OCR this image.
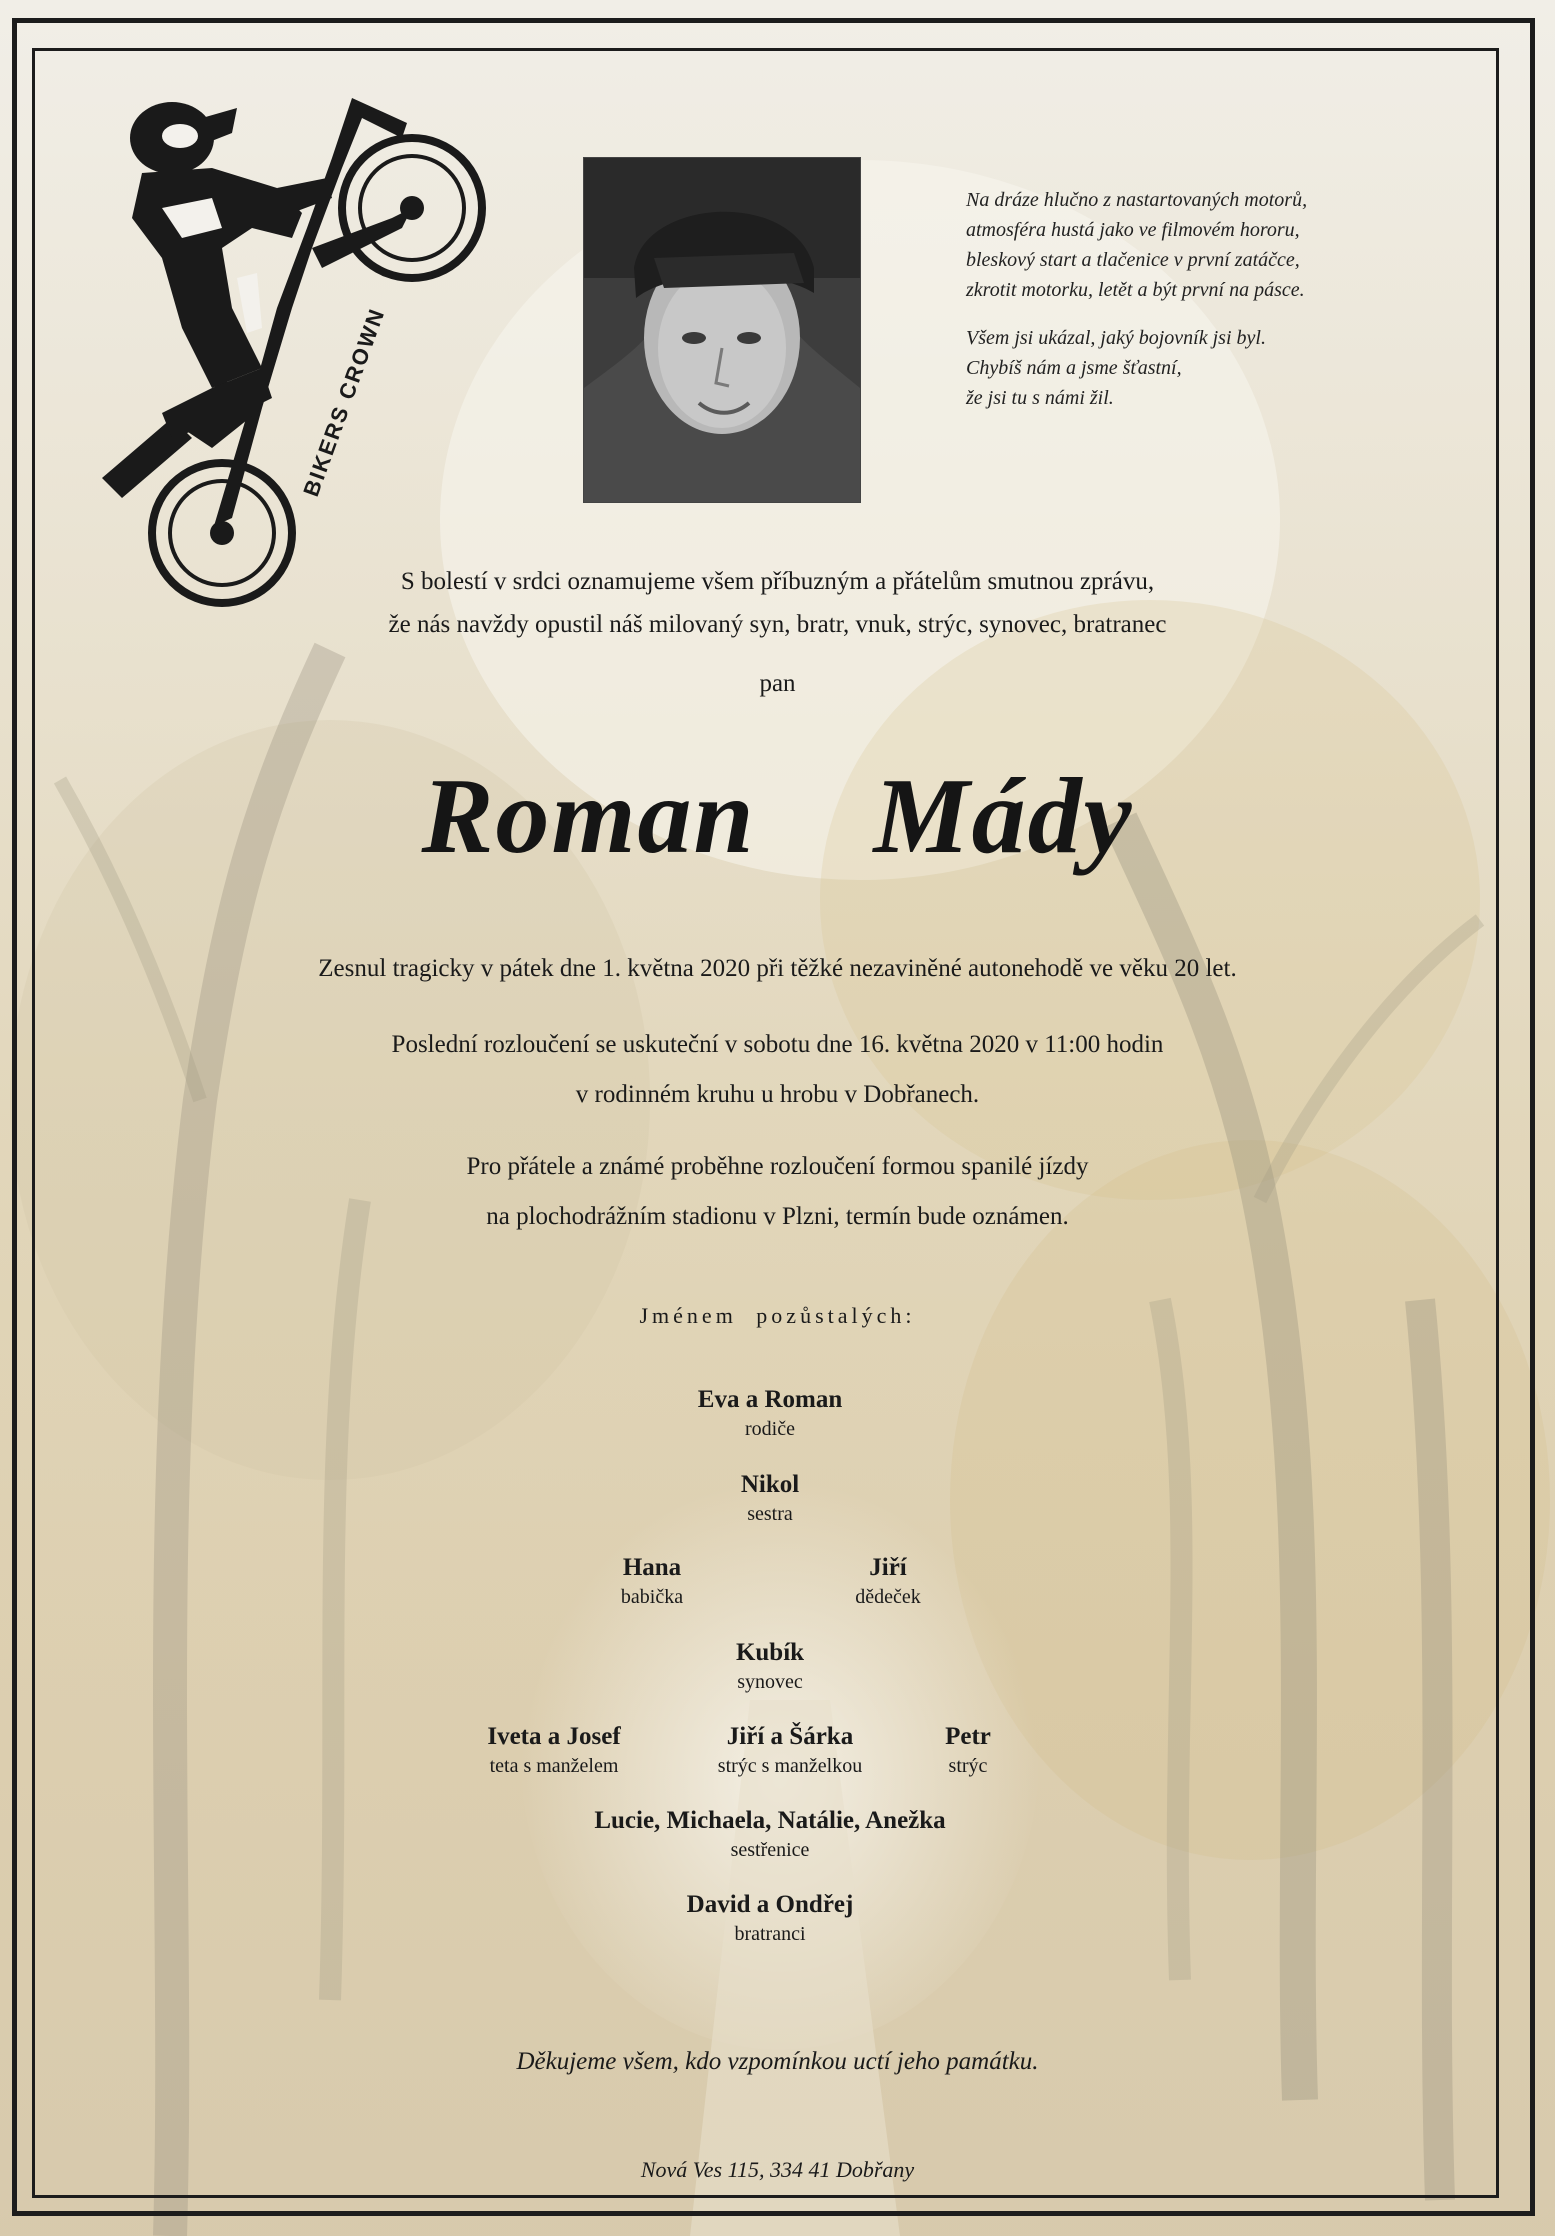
BIKERS CROWN

Na dráze hlučno z nastartovaných motorů,

atmosféra hustá jako ve filmovém hororu,

bleskový start a tlačenice v první zatáčce,

zkrotit motorku, letět a být první na pásce.

Všem jsi ukázal, jaký bojovník jsi byl.

Chybíš nám a jsme šťastní,

že jsi tu s námi žil.

S bolestí v srdci oznamujeme všem příbuzným a přátelům smutnou zprávu,

že nás navždy opustil náš milovaný syn, bratr, vnuk, strýc, synovec, bratranec

pan
Roman  Mády
Zesnul tragicky v pátek dne 1. května 2020 při těžké nezaviněné autonehodě ve věku 20 let.

Poslední rozloučení se uskuteční v sobotu dne 16. května 2020 v 11:00 hodin

v rodinném kruhu u hrobu v Dobřanech.

Pro přátele a známé proběhne rozloučení formou spanilé jízdy

na plochodrážním stadionu v Plzni, termín bude oznámen.

Jménem pozůstalých:
Eva a Roman
rodiče
Nikol
sestra
Hana
babička
Jiří
dědeček
Kubík
synovec
Iveta a Josef
teta s manželem
Jiří a Šárka
strýc s manželkou
Petr
strýc
Lucie, Michaela, Natálie, Anežka
sestřenice
David a Ondřej
bratranci
Děkujeme všem, kdo vzpomínkou uctí jeho památku.
Nová Ves 115, 334 41 Dobřany
